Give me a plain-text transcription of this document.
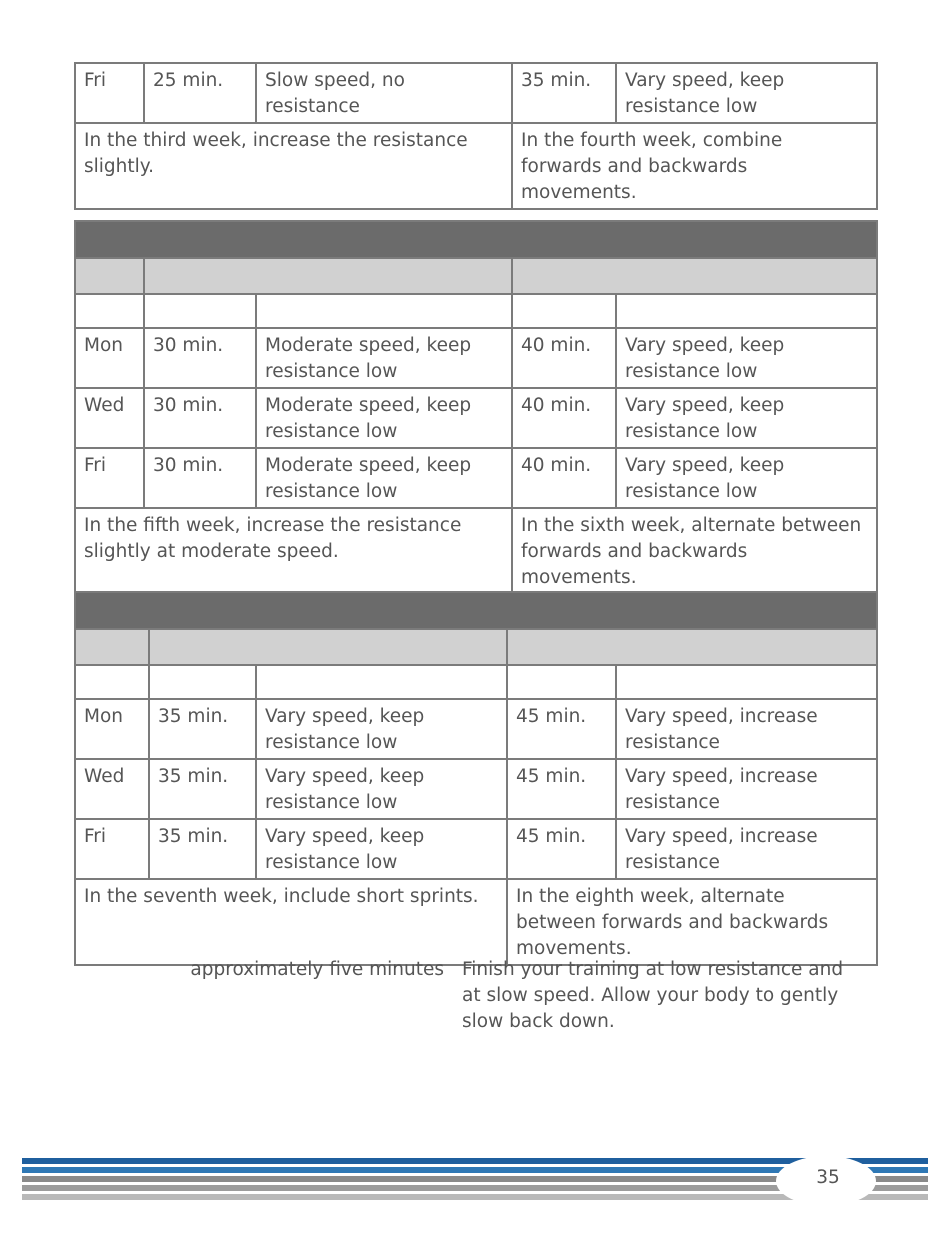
Fri	25 min.	Slow speed, no resistance	35 min.	Vary speed, keep resistance low
In the third week, increase the resistance slightly.			In the fourth week, combine forwards and backwards movements.	

Mon	30 min.	Moderate speed, keep resistance low	40 min.	Vary speed, keep resistance low
Wed	30 min.	Moderate speed, keep resistance low	40 min.	Vary speed, keep resistance low
Fri	30 min.	Moderate speed, keep resistance low	40 min.	Vary speed, keep resistance low
In the fifth week, increase the resistance slightly at moderate speed.			In the sixth week, alternate between forwards and backwards movements.	

Mon	35 min.	Vary speed, keep resistance low	45 min.	Vary speed, increase resistance
Wed	35 min.	Vary speed, keep resistance low	45 min.	Vary speed, increase resistance
Fri	35 min.	Vary speed, keep resistance low	45 min.	Vary speed, increase resistance
In the seventh week, include short sprints.			In the eighth week, alternate between forwards and backwards movements.	
approximately five minutes Finish your training at low resistance and at slow speed. Allow your body to gently slow back down.
35
